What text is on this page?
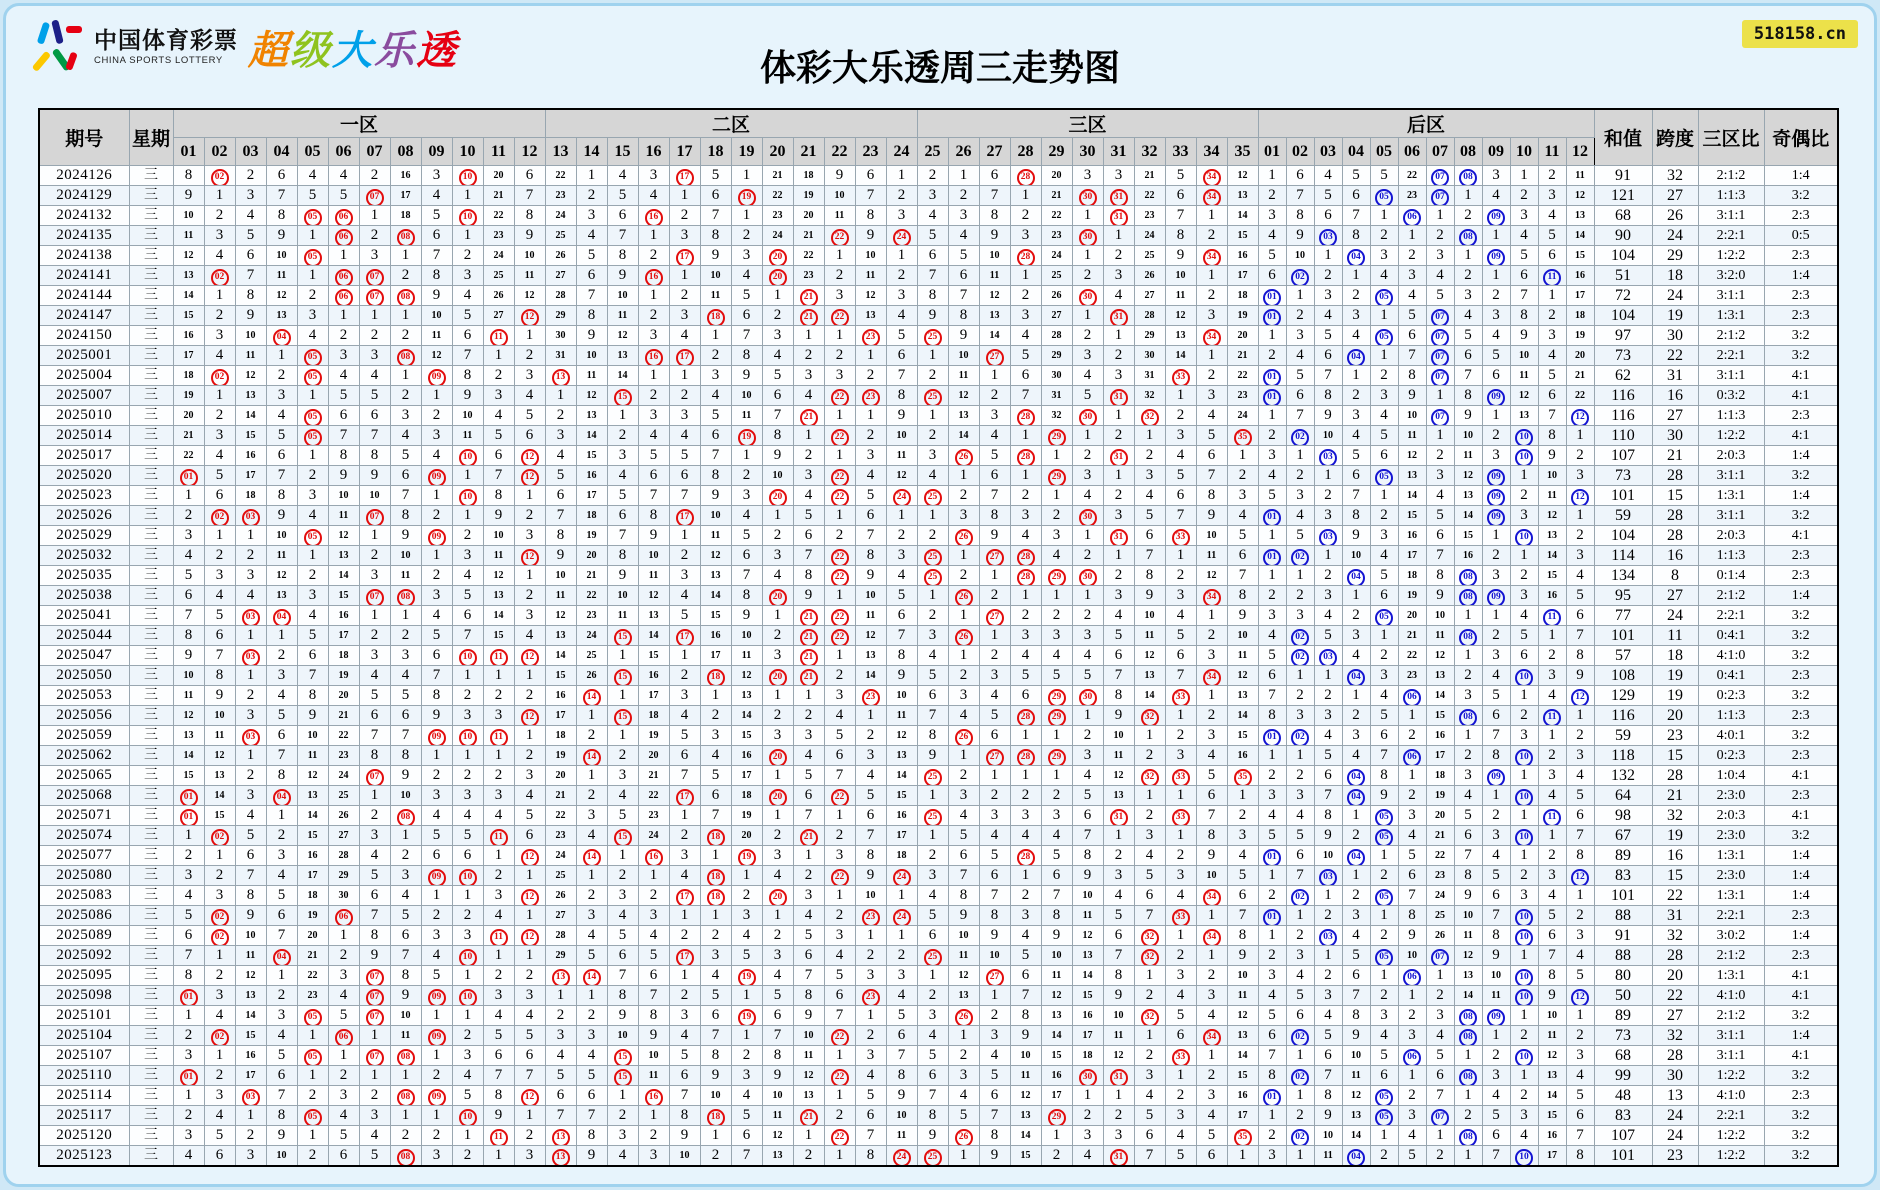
中国体育彩票
CHINA SPORTS LOTTERY 超级大乐透	体彩大乐透周三走势图
518158.cn
期号	星期	一区												二区												三区											后区												和值	跨度	三区比	奇偶比
		01	02	03	04	05	06	07	08	09	10	11	12	13	14	15	16	17	18	19	20	21	22	23	24	25	26	27	28	29	30	31	32	33	34	35	01	02	03	04	05	06	07	08	09	10	11	12				
2024126	三	8	02	2	6	4	4	2	16	3	10	20	6	22	1	4	3	17	5	1	21	18	9	6	1	2	1	6	28	20	3	3	21	5	34	12	1	6	4	5	5	22	07	08	3	1	2	11	91	32	2:1:2	1:4
2024129	三	9	1	3	7	5	5	07	17	4	1	21	7	23	2	5	4	1	6	19	22	19	10	7	2	3	2	7	1	21	30	31	22	6	34	13	2	7	5	6	05	23	07	1	4	2	3	12	121	27	1:1:3	3:2
2024132	三	10	2	4	8	05	06	1	18	5	10	22	8	24	3	6	16	2	7	1	23	20	11	8	3	4	3	8	2	22	1	31	23	7	1	14	3	8	6	7	1	06	1	2	09	3	4	13	68	26	3:1:1	2:3
2024135	三	11	3	5	9	1	06	2	08	6	1	23	9	25	4	7	1	3	8	2	24	21	22	9	24	5	4	9	3	23	30	1	24	8	2	15	4	9	03	8	2	1	2	08	1	4	5	14	90	24	2:2:1	0:5
2024138	三	12	4	6	10	05	1	3	1	7	2	24	10	26	5	8	2	17	9	3	20	22	1	10	1	6	5	10	28	24	1	2	25	9	34	16	5	10	1	04	3	2	3	1	09	5	6	15	104	29	1:2:2	2:3
2024141	三	13	02	7	11	1	06	07	2	8	3	25	11	27	6	9	16	1	10	4	20	23	2	11	2	7	6	11	1	25	2	3	26	10	1	17	6	02	2	1	4	3	4	2	1	6	11	16	51	18	3:2:0	1:4
2024144	三	14	1	8	12	2	06	07	08	9	4	26	12	28	7	10	1	2	11	5	1	21	3	12	3	8	7	12	2	26	30	4	27	11	2	18	01	1	3	2	05	4	5	3	2	7	1	17	72	24	3:1:1	2:3
2024147	三	15	2	9	13	3	1	1	1	10	5	27	12	29	8	11	2	3	18	6	2	21	22	13	4	9	8	13	3	27	1	31	28	12	3	19	01	2	4	3	1	5	07	4	3	8	2	18	104	19	1:3:1	2:3
2024150	三	16	3	10	04	4	2	2	2	11	6	11	1	30	9	12	3	4	1	7	3	1	1	23	5	25	9	14	4	28	2	1	29	13	34	20	1	3	5	4	05	6	07	5	4	9	3	19	97	30	2:1:2	3:2
2025001	三	17	4	11	1	05	3	3	08	12	7	1	2	31	10	13	16	17	2	8	4	2	2	1	6	1	10	27	5	29	3	2	30	14	1	21	2	4	6	04	1	7	07	6	5	10	4	20	73	22	2:2:1	3:2
2025004	三	18	02	12	2	05	4	4	1	09	8	2	3	13	11	14	1	1	3	9	5	3	3	2	7	2	11	1	6	30	4	3	31	33	2	22	01	5	7	1	2	8	07	7	6	11	5	21	62	31	3:1:1	4:1
2025007	三	19	1	13	3	1	5	5	2	1	9	3	4	1	12	15	2	2	4	10	6	4	22	23	8	25	12	2	7	31	5	31	32	1	3	23	01	6	8	2	3	9	1	8	09	12	6	22	116	16	0:3:2	4:1
2025010	三	20	2	14	4	05	6	6	3	2	10	4	5	2	13	1	3	3	5	11	7	21	1	1	9	1	13	3	28	32	30	1	32	2	4	24	1	7	9	3	4	10	07	9	1	13	7	12	116	27	1:1:3	2:3
2025014	三	21	3	15	5	05	7	7	4	3	11	5	6	3	14	2	4	4	6	19	8	1	22	2	10	2	14	4	1	29	1	2	1	3	5	35	2	02	10	4	5	11	1	10	2	10	8	1	110	30	1:2:2	4:1
2025017	三	22	4	16	6	1	8	8	5	4	10	6	12	4	15	3	5	5	7	1	9	2	1	3	11	3	26	5	28	1	2	31	2	4	6	1	3	1	03	5	6	12	2	11	3	10	9	2	107	21	2:0:3	1:4
2025020	三	01	5	17	7	2	9	9	6	09	1	7	12	5	16	4	6	6	8	2	10	3	22	4	12	4	1	6	1	29	3	1	3	5	7	2	4	2	1	6	05	13	3	12	09	1	10	3	73	28	3:1:1	3:2
2025023	三	1	6	18	8	3	10	10	7	1	10	8	1	6	17	5	7	7	9	3	20	4	22	5	24	25	2	7	2	1	4	2	4	6	8	3	5	3	2	7	1	14	4	13	09	2	11	12	101	15	1:3:1	1:4
2025026	三	2	02	03	9	4	11	07	8	2	1	9	2	7	18	6	8	17	10	4	1	5	1	6	1	1	3	8	3	2	30	3	5	7	9	4	01	4	3	8	2	15	5	14	09	3	12	1	59	28	3:1:1	3:2
2025029	三	3	1	1	10	05	12	1	9	09	2	10	3	8	19	7	9	1	11	5	2	6	2	7	2	2	26	9	4	3	1	31	6	33	10	5	1	5	03	9	3	16	6	15	1	10	13	2	104	28	2:0:3	4:1
2025032	三	4	2	2	11	1	13	2	10	1	3	11	12	9	20	8	10	2	12	6	3	7	22	8	3	25	1	27	28	4	2	1	7	1	11	6	01	02	1	10	4	17	7	16	2	1	14	3	114	16	1:1:3	2:3
2025035	三	5	3	3	12	2	14	3	11	2	4	12	1	10	21	9	11	3	13	7	4	8	22	9	4	25	2	1	28	29	30	2	8	2	12	7	1	1	2	04	5	18	8	08	3	2	15	4	134	8	0:1:4	2:3
2025038	三	6	4	4	13	3	15	07	08	3	5	13	2	11	22	10	12	4	14	8	20	9	1	10	5	1	26	2	1	1	1	3	9	3	34	8	2	2	3	1	6	19	9	08	09	3	16	5	95	27	2:1:2	1:4
2025041	三	7	5	03	04	4	16	1	1	4	6	14	3	12	23	11	13	5	15	9	1	21	22	11	6	2	1	27	2	2	2	4	10	4	1	9	3	3	4	2	05	20	10	1	1	4	11	6	77	24	2:2:1	3:2
2025044	三	8	6	1	1	5	17	2	2	5	7	15	4	13	24	15	14	17	16	10	2	21	22	12	7	3	26	1	3	3	3	5	11	5	2	10	4	02	5	3	1	21	11	08	2	5	1	7	101	11	0:4:1	3:2
2025047	三	9	7	03	2	6	18	3	3	6	10	11	12	14	25	1	15	1	17	11	3	21	1	13	8	4	1	2	4	4	4	6	12	6	3	11	5	02	03	4	2	22	12	1	3	6	2	8	57	18	4:1:0	3:2
2025050	三	10	8	1	3	7	19	4	4	7	1	1	1	15	26	15	16	2	18	12	20	21	2	14	9	5	2	3	5	5	5	7	13	7	34	12	6	1	1	04	3	23	13	2	4	10	3	9	108	19	0:4:1	2:3
2025053	三	11	9	2	4	8	20	5	5	8	2	2	2	16	14	1	17	3	1	13	1	1	3	23	10	6	3	4	6	29	30	8	14	33	1	13	7	2	2	1	4	06	14	3	5	1	4	12	129	19	0:2:3	3:2
2025056	三	12	10	3	5	9	21	6	6	9	3	3	12	17	1	15	18	4	2	14	2	2	4	1	11	7	4	5	28	29	1	9	32	1	2	14	8	3	3	2	5	1	15	08	6	2	11	1	116	20	1:1:3	2:3
2025059	三	13	11	03	6	10	22	7	7	09	10	11	1	18	2	1	19	5	3	15	3	3	5	2	12	8	26	6	1	1	2	10	1	2	3	15	01	02	4	3	6	2	16	1	7	3	1	2	59	23	4:0:1	3:2
2025062	三	14	12	1	7	11	23	8	8	1	1	1	2	19	14	2	20	6	4	16	20	4	6	3	13	9	1	27	28	29	3	11	2	3	4	16	1	1	5	4	7	06	17	2	8	10	2	3	118	15	0:2:3	2:3
2025065	三	15	13	2	8	12	24	07	9	2	2	2	3	20	1	3	21	7	5	17	1	5	7	4	14	25	2	1	1	1	4	12	32	33	5	35	2	2	6	04	8	1	18	3	09	1	3	4	132	28	1:0:4	4:1
2025068	三	01	14	3	04	13	25	1	10	3	3	3	4	21	2	4	22	17	6	18	20	6	22	5	15	1	3	2	2	2	5	13	1	1	6	1	3	3	7	04	9	2	19	4	1	10	4	5	64	21	2:3:0	2:3
2025071	三	01	15	4	1	14	26	2	08	4	4	4	5	22	3	5	23	1	7	19	1	7	1	6	16	25	4	3	3	3	6	31	2	33	7	2	4	4	8	1	05	3	20	5	2	1	11	6	98	32	2:0:3	4:1
2025074	三	1	02	5	2	15	27	3	1	5	5	11	6	23	4	15	24	2	18	20	2	21	2	7	17	1	5	4	4	4	7	1	3	1	8	3	5	5	9	2	05	4	21	6	3	10	1	7	67	19	2:3:0	3:2
2025077	三	2	1	6	3	16	28	4	2	6	6	1	12	24	14	1	16	3	1	19	3	1	3	8	18	2	6	5	28	5	8	2	4	2	9	4	01	6	10	04	1	5	22	7	4	1	2	8	89	16	1:3:1	1:4
2025080	三	3	2	7	4	17	29	5	3	09	10	2	1	25	1	2	1	4	18	1	4	2	22	9	24	3	7	6	1	6	9	3	5	3	10	5	1	7	03	1	2	6	23	8	5	2	3	12	83	15	2:3:0	1:4
2025083	三	4	3	8	5	18	30	6	4	1	1	3	12	26	2	3	2	17	18	2	20	3	1	10	1	4	8	7	2	7	10	4	6	4	34	6	2	02	1	2	05	7	24	9	6	3	4	1	101	22	1:3:1	1:4
2025086	三	5	02	9	6	19	06	7	5	2	2	4	1	27	3	4	3	1	1	3	1	4	2	23	24	5	9	8	3	8	11	5	7	33	1	7	01	1	2	3	1	8	25	10	7	10	5	2	88	31	2:2:1	2:3
2025089	三	6	02	10	7	20	1	8	6	3	3	11	12	28	4	5	4	2	2	4	2	5	3	1	1	6	10	9	4	9	12	6	32	1	34	8	1	2	03	4	2	9	26	11	8	10	6	3	91	32	3:0:2	1:4
2025092	三	7	1	11	04	21	2	9	7	4	10	1	1	29	5	6	5	17	3	5	3	6	4	2	2	25	11	10	5	10	13	7	32	2	1	9	2	3	1	5	05	10	07	12	9	1	7	4	88	28	2:1:2	2:3
2025095	三	8	2	12	1	22	3	07	8	5	1	2	2	13	14	7	6	1	4	19	4	7	5	3	3	1	12	27	6	11	14	8	1	3	2	10	3	4	2	6	1	06	1	13	10	10	8	5	80	20	1:3:1	4:1
2025098	三	01	3	13	2	23	4	07	9	09	10	3	3	1	1	8	7	2	5	1	5	8	6	23	4	2	13	1	7	12	15	9	2	4	3	11	4	5	3	7	2	1	2	14	11	10	9	12	50	22	4:1:0	4:1
2025101	三	1	4	14	3	05	5	07	10	1	1	4	4	2	2	9	8	3	6	19	6	9	7	1	5	3	26	2	8	13	16	10	32	5	4	12	5	6	4	8	3	2	3	08	09	1	10	1	89	27	2:1:2	3:2
2025104	三	2	02	15	4	1	06	1	11	09	2	5	5	3	3	10	9	4	7	1	7	10	22	2	6	4	1	3	9	14	17	11	1	6	34	13	6	02	5	9	4	3	4	08	1	2	11	2	73	32	3:1:1	1:4
2025107	三	3	1	16	5	05	1	07	08	1	3	6	6	4	4	15	10	5	8	2	8	11	1	3	7	5	2	4	10	15	18	12	2	33	1	14	7	1	6	10	5	06	5	1	2	10	12	3	68	28	3:1:1	4:1
2025110	三	01	2	17	6	1	2	1	1	2	4	7	7	5	5	15	11	6	9	3	9	12	22	4	8	6	3	5	11	16	30	31	3	1	2	15	8	02	7	11	6	1	6	08	3	1	13	4	99	30	1:2:2	3:2
2025114	三	1	3	03	7	2	3	2	08	09	5	8	12	6	6	1	16	7	10	4	10	13	1	5	9	7	4	6	12	17	1	1	4	2	3	16	01	1	8	12	05	2	7	1	4	2	14	5	48	13	4:1:0	2:3
2025117	三	2	4	1	8	05	4	3	1	1	10	9	1	7	7	2	1	8	18	5	11	21	2	6	10	8	5	7	13	29	2	2	5	3	4	17	1	2	9	13	05	3	07	2	5	3	15	6	83	24	2:2:1	3:2
2025120	三	3	5	2	9	1	5	4	2	2	1	11	2	13	8	3	2	9	1	6	12	1	22	7	11	9	26	8	14	1	3	3	6	4	5	35	2	02	10	14	1	4	1	08	6	4	16	7	107	24	1:2:2	3:2
2025123	三	4	6	3	10	2	6	5	08	3	2	1	3	13	9	4	3	10	2	7	13	2	1	8	24	25	1	9	15	2	4	31	7	5	6	1	3	1	11	04	2	5	2	1	7	10	17	8	101	23	1:2:2	3:2
